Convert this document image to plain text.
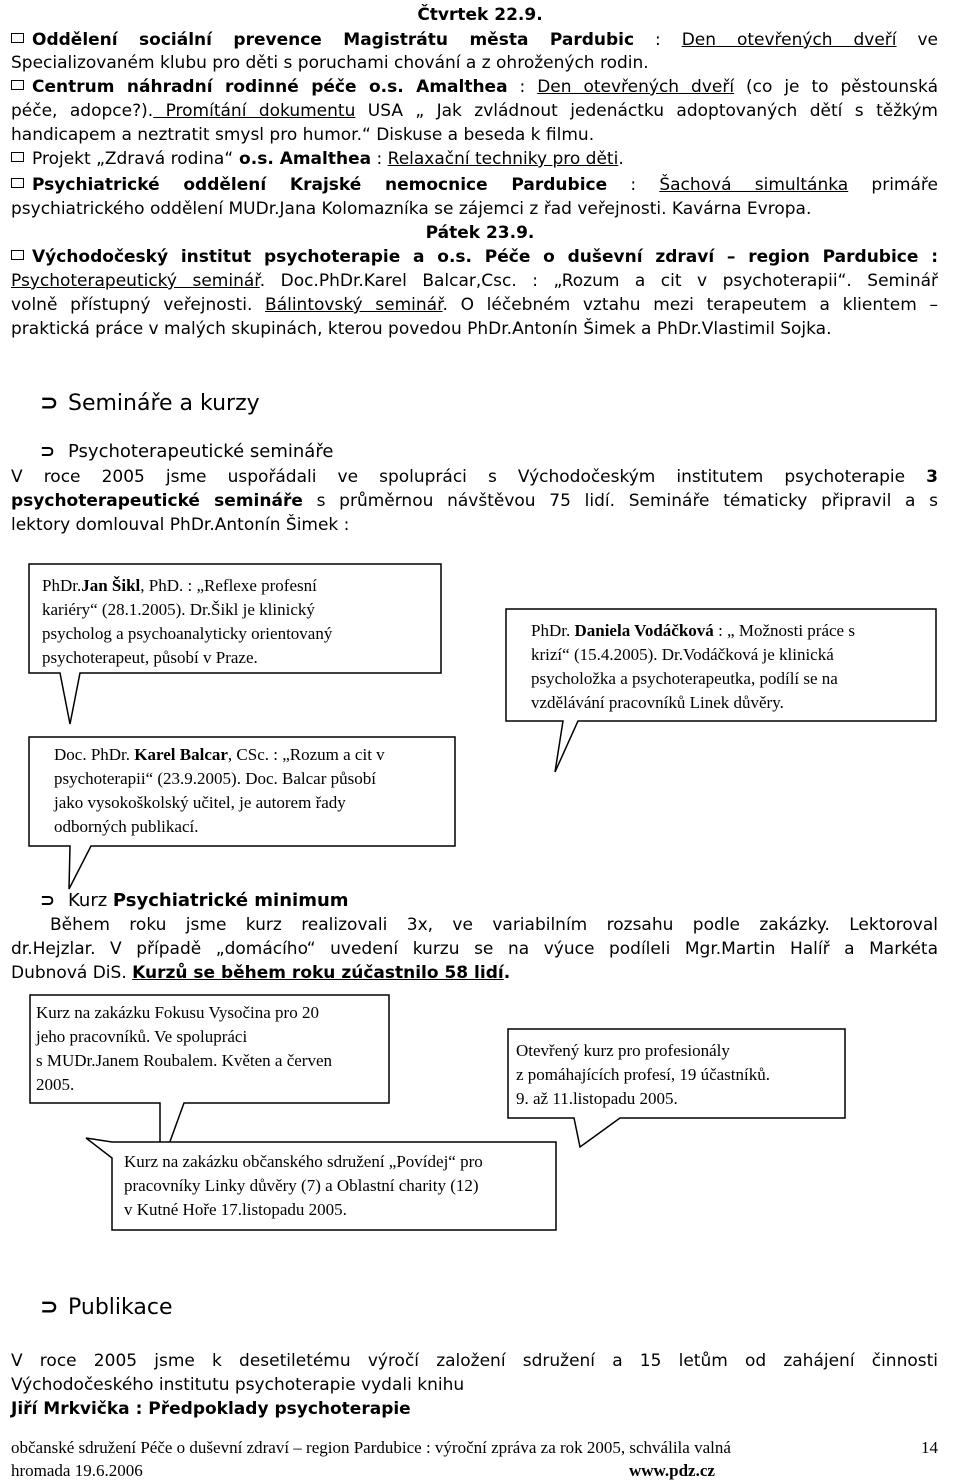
Čtvrtek 22.9.
Oddělení sociální prevence Magistrátu města Pardubic : Den otevřených dveří ve
Specializovaném klubu pro děti s poruchami chování a z ohrožených rodin.
Centrum náhradní rodinné péče o.s. Amalthea : Den otevřených dveří (co je to pěstounská
péče, adopce?). Promítání dokumentu USA „ Jak zvládnout jedenáctku adoptovaných dětí s těžkým
handicapem a neztratit smysl pro humor.“ Diskuse a beseda k filmu.
Projekt „Zdravá rodina“ o.s. Amalthea : Relaxační techniky pro děti.
Psychiatrické oddělení Krajské nemocnice Pardubice : Šachová simultánka primáře
psychiatrického oddělení MUDr.Jana Kolomazníka se zájemci z řad veřejnosti. Kavárna Evropa.
Pátek 23.9.
Východočeský institut psychoterapie a o.s. Péče o duševní zdraví – region Pardubice :
Psychoterapeutický seminář. Doc.PhDr.Karel Balcar,Csc. : „Rozum a cit v psychoterapii“. Seminář
volně přístupný veřejnosti. Bálintovský seminář. O léčebném vztahu mezi terapeutem a klientem –
praktická práce v malých skupinách, kterou povedou PhDr.Antonín Šimek a PhDr.Vlastimil Sojka.
⊃ Semináře a kurzy
⊃ Psychoterapeutické semináře
V roce 2005 jsme uspořádali ve spolupráci s Východočeským institutem psychoterapie 3
psychoterapeutické semináře s průměrnou návštěvou 75 lidí. Semináře tématicky připravil a s
lektory domlouval PhDr.Antonín Šimek :
PhDr.Jan Šikl, PhD. : „Reflexe profesní
kariéry“ (28.1.2005). Dr.Šikl je klinický
psycholog a psychoanalyticky orientovaný
psychoterapeut, působí v Praze.
PhDr. Daniela Vodáčková : „ Možnosti práce s
krizí“ (15.4.2005). Dr.Vodáčková je klinická
psycholožka a psychoterapeutka, podílí se na
vzdělávání pracovníků Linek důvěry.
Doc. PhDr. Karel Balcar, CSc. : „Rozum a cit v
psychoterapii“ (23.9.2005). Doc. Balcar působí
jako vysokoškolský učitel, je autorem řady
odborných publikací.
⊃ Kurz Psychiatrické minimum
Během roku jsme kurz realizovali 3x, ve variabilním rozsahu podle zakázky. Lektoroval
dr.Hejzlar. V případě „domácího“ uvedení kurzu se na výuce podíleli Mgr.Martin Halíř a Markéta
Dubnová DiS. Kurzů se během roku zúčastnilo 58 lidí.
Kurz na zakázku Fokusu Vysočina pro 20
jeho pracovníků. Ve spolupráci
s MUDr.Janem Roubalem. Květen a červen
2005.
Otevřený kurz pro profesionály
z pomáhajících profesí, 19 účastníků.
9. až 11.listopadu 2005.
Kurz na zakázku občanského sdružení „Povídej“ pro
pracovníky Linky důvěry (7) a Oblastní charity (12)
v Kutné Hoře 17.listopadu 2005.
⊃ Publikace
V roce 2005 jsme k desetiletému výročí založení sdružení a 15 letům od zahájení činnosti
Východočeského institutu psychoterapie vydali knihu
Jiří Mrkvička : Předpoklady psychoterapie
občanské sdružení Péče o duševní zdraví – region Pardubice : výroční zpráva za rok 2005, schválila valná	14
hromada 19.6.2006	www.pdz.cz
